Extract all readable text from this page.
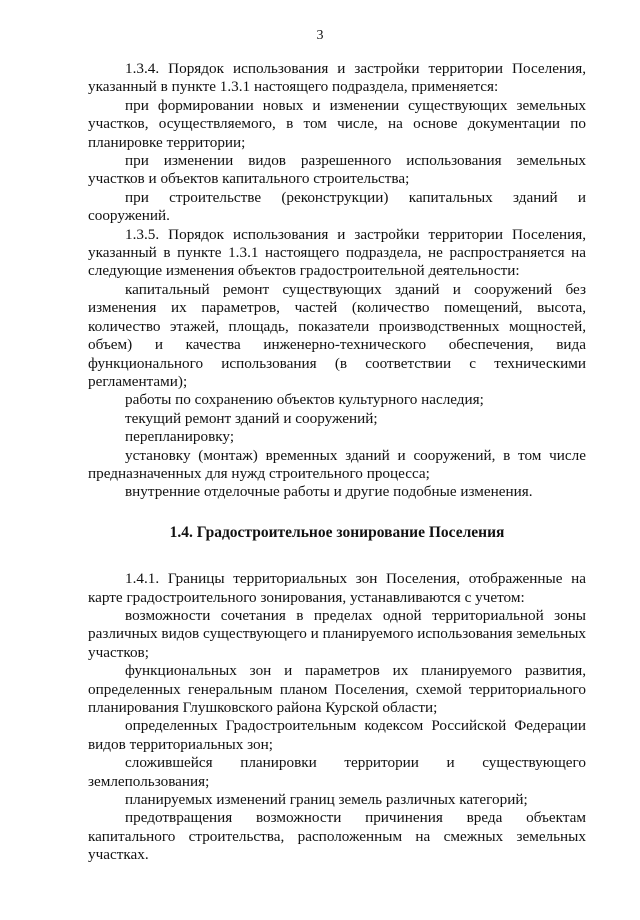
3

1.3.4. Порядок использования и застройки территории Поселения, указанный в пункте 1.3.1 настоящего подраздела, применяется:

при формировании новых и изменении существующих земельных участков, осуществляемого, в том числе, на основе документации по планировке территории;

при изменении видов разрешенного использования земельных участков и объектов капитального строительства;

при строительстве (реконструкции) капитальных зданий и сооружений.

1.3.5. Порядок использования и застройки территории Поселения, указанный в пункте 1.3.1 настоящего подраздела, не распространяется на следующие изменения объектов градостроительной деятельности:

капитальный ремонт существующих зданий и сооружений без изменения их параметров, частей (количество помещений, высота, количество этажей, площадь, показатели производственных мощностей, объем) и качества инженерно-технического обеспечения, вида функционального использования (в соответствии с техническими регламентами);

работы по сохранению объектов культурного наследия;

текущий ремонт зданий и сооружений;

перепланировку;

установку (монтаж) временных зданий и сооружений, в том числе предназначенных для нужд строительного процесса;

внутренние отделочные работы и другие подобные изменения.

1.4. Градостроительное зонирование Поселения

1.4.1. Границы территориальных зон Поселения, отображенные на карте градостроительного зонирования, устанавливаются с учетом:

возможности сочетания в пределах одной территориальной зоны различных видов существующего и планируемого использования земельных участков;

функциональных зон и параметров их планируемого развития, определенных генеральным планом Поселения, схемой территориального планирования Глушковского района Курской области;

определенных Градостроительным кодексом Российской Федерации видов территориальных зон;

сложившейся планировки территории и существующего землепользования;

планируемых изменений границ земель различных категорий;

предотвращения возможности причинения вреда объектам капитального строительства, расположенным на смежных земельных участках.
